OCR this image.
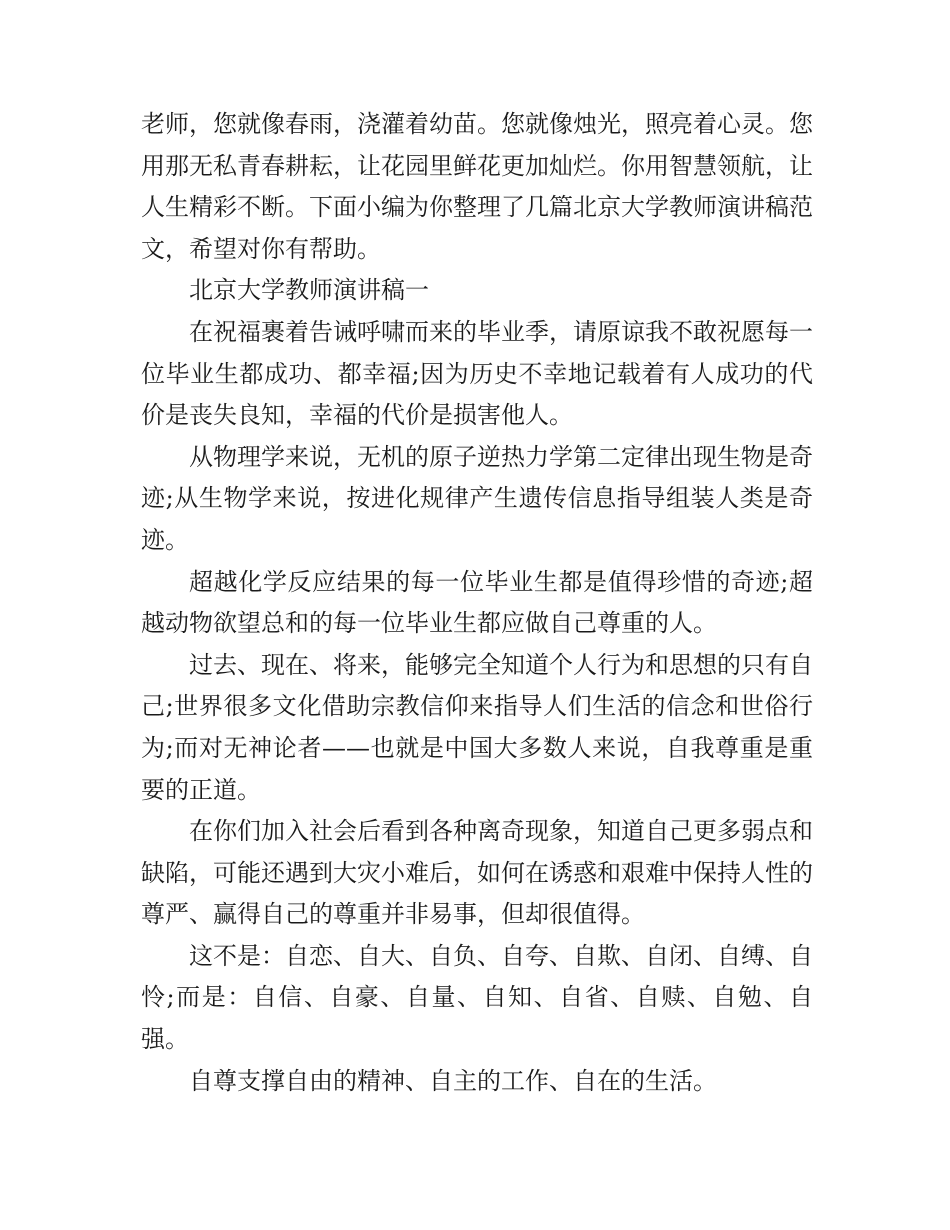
老师，您就像春雨，浇灌着幼苗。您就像烛光，照亮着心灵。您用那无私青春耕耘，让花园里鲜花更加灿烂。你用智慧领航，让人生精彩不断。下面小编为你整理了几篇北京大学教师演讲稿范文，希望对你有帮助。

北京大学教师演讲稿一

在祝福裹着告诫呼啸而来的毕业季，请原谅我不敢祝愿每一位毕业生都成功、都幸福;因为历史不幸地记载着有人成功的代价是丧失良知，幸福的代价是损害他人。

从物理学来说，无机的原子逆热力学第二定律出现生物是奇迹;从生物学来说，按进化规律产生遗传信息指导组装人类是奇迹。

超越化学反应结果的每一位毕业生都是值得珍惜的奇迹;超越动物欲望总和的每一位毕业生都应做自己尊重的人。

过去、现在、将来，能够完全知道个人行为和思想的只有自己;世界很多文化借助宗教信仰来指导人们生活的信念和世俗行为;而对无神论者——也就是中国大多数人来说，自我尊重是重要的正道。

在你们加入社会后看到各种离奇现象，知道自己更多弱点和缺陷，可能还遇到大灾小难后，如何在诱惑和艰难中保持人性的尊严、赢得自己的尊重并非易事，但却很值得。

这不是：自恋、自大、自负、自夸、自欺、自闭、自缚、自怜;而是：自信、自豪、自量、自知、自省、自赎、自勉、自强。

自尊支撑自由的精神、自主的工作、自在的生活。
